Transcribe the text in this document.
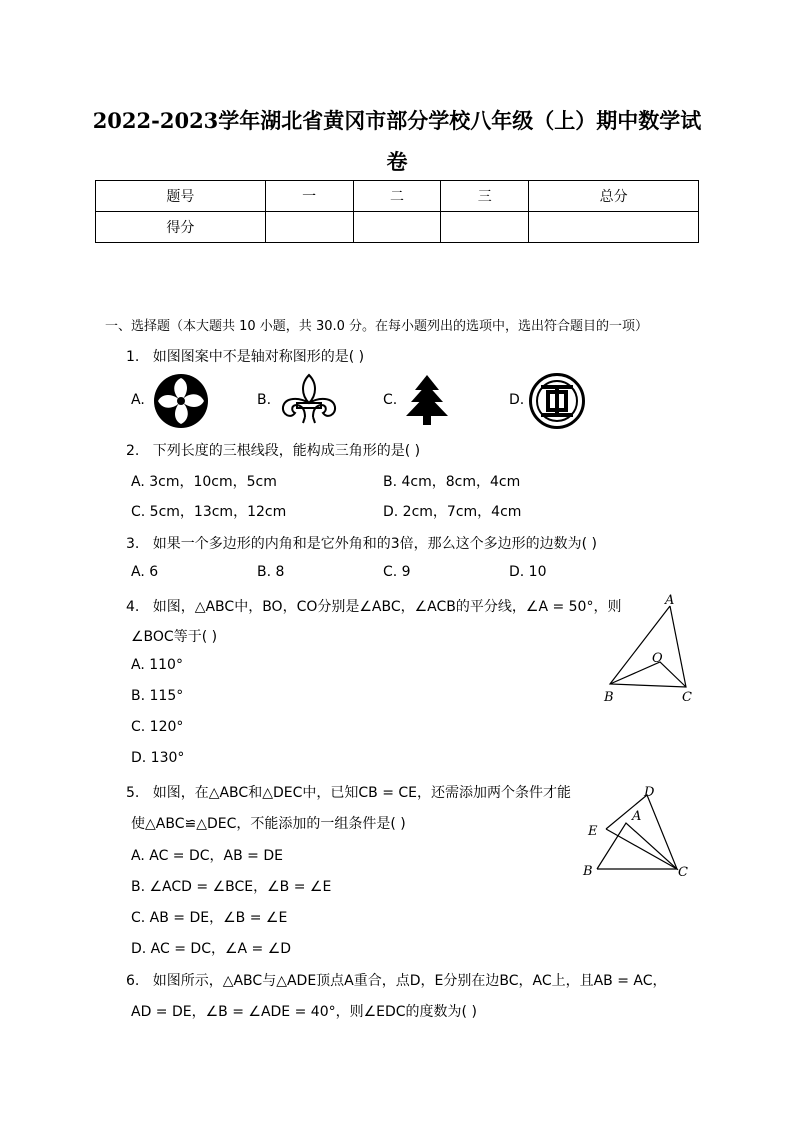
2022-2023学年湖北省黄冈市部分学校八年级（上）期中数学试
卷
题号	一	二	三	总分
得分				
一、选择题（本大题共 10 小题，共 30.0 分。在每小题列出的选项中，选出符合题目的一项）
1. 如图图案中不是轴对称图形的是( )
A.	B.	C.	D.
2. 下列长度的三根线段，能构成三角形的是( )
A. 3cm，10cm，5cm	B. 4cm，8cm，4cm
C. 5cm，13cm，12cm	D. 2cm，7cm，4cm
3. 如果一个多边形的内角和是它外角和的3倍，那么这个多边形的边数为( )
A. 6	B. 8	C. 9	D. 10
4. 如图，△ABC中，BO，CO分别是∠ABC，∠ACB的平分线，∠A = 50°，则
∠BOC等于( )
A. 110°
B. 115°
C. 120°
D. 130°
A
O
B	C
5. 如图，在△ABC和△DEC中，已知CB = CE，还需添加两个条件才能
使△ABC≌△DEC，不能添加的一组条件是( )
A. AC = DC，AB = DE
B. ∠ACD = ∠BCE，∠B = ∠E
C. AB = DE，∠B = ∠E
D. AC = DC，∠A = ∠D
D
A
E
B	C
6. 如图所示，△ABC与△ADE顶点A重合，点D，E分别在边BC，AC上，且AB = AC，
AD = DE，∠B = ∠ADE = 40°，则∠EDC的度数为( )
